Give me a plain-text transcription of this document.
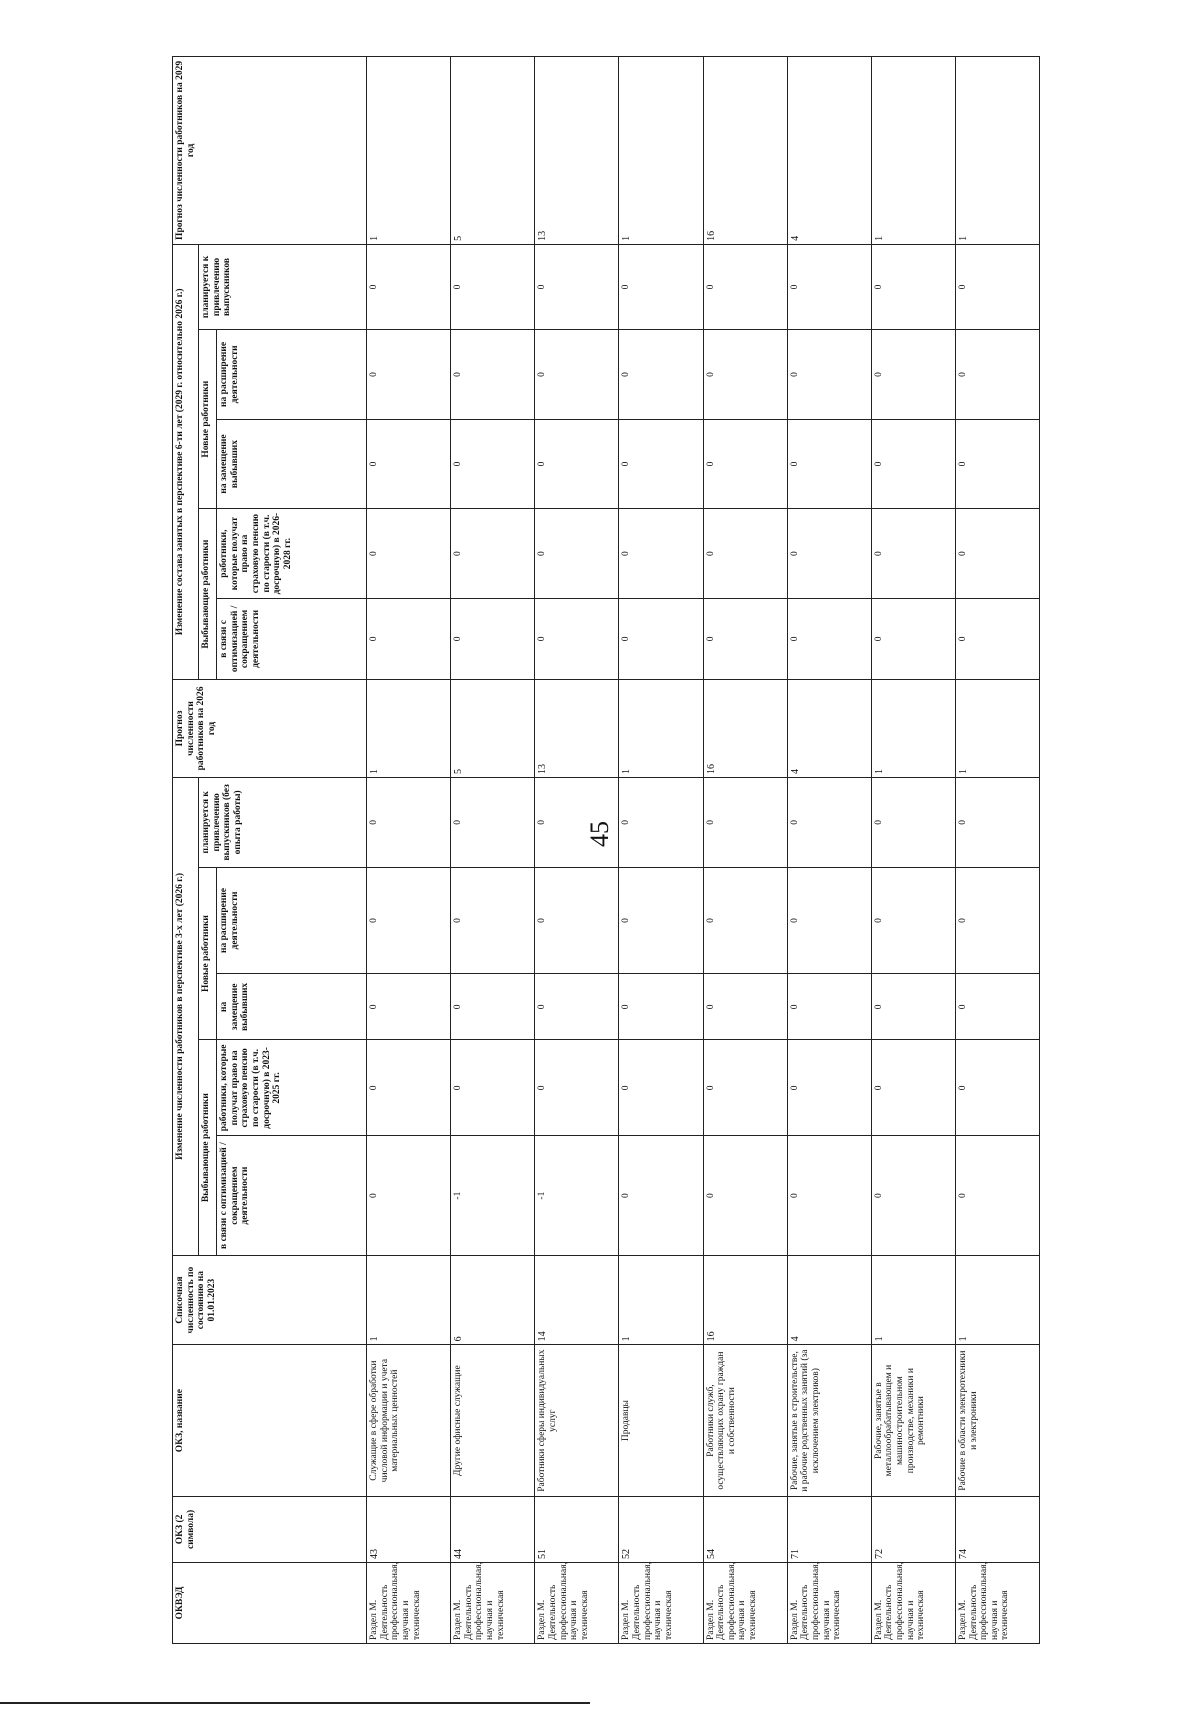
45
ОКВЭД	ОКЗ (2 символа)	ОКЗ, название	Списочная численность по состоянию на 01.01.2023	Изменение численности работников в перспективе 3-х лет (2026 г.)					Прогноз численности работников на 2026 год	Изменение состава занятых в перспективе 6-ти лет (2029 г. относительно 2026 г.)					Прогноз численности работников на 2029 год
				Выбывающие работники		Новые работники		планируется к привлечению выпускников (без опыта работы)		Выбывающие работники		Новые работники		планируется к привлечению выпускников	
				в связи с оптимизацией / сокращением деятельности	работники, которые получат право на страховую пенсию по старости (в т.ч. досрочную) в 2023-2025 гг.	на замещение выбывших	на расширение деятельности			в связи с оптимизацией / сокращением деятельности	работники, которые получат право на страховую пенсию по старости (в т.ч. досрочную) в 2026-2028 гг.	на замещение выбывших	на расширение деятельности		
Раздел М. Деятельность профессиональная, научная и техническая	43	Служащие в сфере обработки числовой информации и учета материальных ценностей	1	0	0	0	0	0	1	0	0	0	0	0	1
Раздел М. Деятельность профессиональная, научная и техническая	44	Другие офисные служащие	6	-1	0	0	0	0	5	0	0	0	0	0	5
Раздел М. Деятельность профессиональная, научная и техническая	51	Работники сферы индивидуальных услуг	14	-1	0	0	0	0	13	0	0	0	0	0	13
Раздел М. Деятельность профессиональная, научная и техническая	52	Продавцы	1	0	0	0	0	0	1	0	0	0	0	0	1
Раздел М. Деятельность профессиональная, научная и техническая	54	Работники служб, осуществляющих охрану граждан и собственности	16	0	0	0	0	0	16	0	0	0	0	0	16
Раздел М. Деятельность профессиональная, научная и техническая	71	Рабочие, занятые в строительстве, и рабочие родственных занятий (за исключением электриков)	4	0	0	0	0	0	4	0	0	0	0	0	4
Раздел М. Деятельность профессиональная, научная и техническая	72	Рабочие, занятые в металлообрабатывающем и машиностроительном производстве, механики и ремонтники	1	0	0	0	0	0	1	0	0	0	0	0	1
Раздел М. Деятельность профессиональная, научная и техническая	74	Рабочие в области электротехники и электроники	1	0	0	0	0	0	1	0	0	0	0	0	1
